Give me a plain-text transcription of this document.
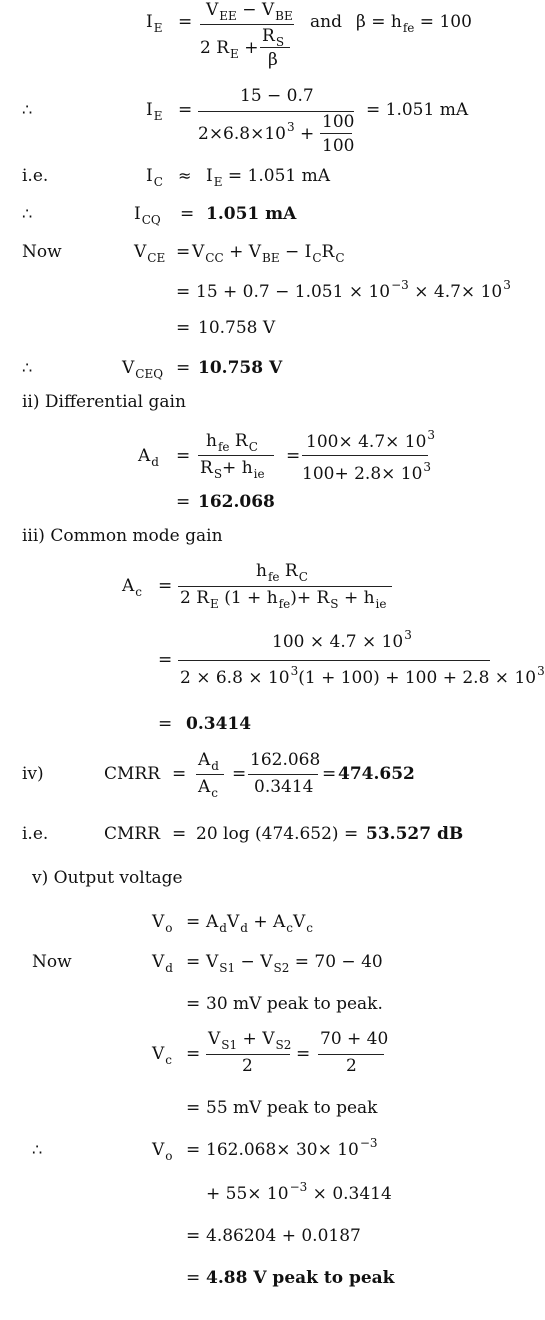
$I_E$ =
$V_{EE} - V_{BE}$
2 $R_E$ +
$R_S$
β
and $\beta = h_{fe} = 100$
∴	$I_E$ =
15 − 0.7
$2\times 6.8\times 10^3$ +
100
100
= 1.051 mA
i.e.	$I_C \approx I_E = 1.051$ mA
∴	$I_{CQ} = 1.051$ mA
Now	$V_{CE} = V_{CC} + V_{BE} - I_CR_C$
= $15 + 0.7 - 1.051 \times 10^{-3} \times 4.7\times 10^3$
= 10.758 V
∴	$V_{CEQ} = 10.758$ V
ii) Differential gain
$A_d$ =
$h_{fe}$ $R_C$
$R_S+ h_{ie}$
=
$100\times 4.7\times 10^3$
$100+ 2.8\times 10^3$
= 162.068
iii) Common mode gain
$A_c$ =
$h_{fe}$ $R_C$
2 $R_E$ $(1 + h_{fe})+ R_S + h_{ie}$
=
$100 \times 4.7 \times 10^3$
$2 \times 6.8 \times 10^3(1 + 100) + 100 + 2.8 \times 10^3$
= 0.3414
iv)	CMRR =
$A_d$
$A_c$
=
162.068
0.3414
= 474.652
i.e.	CMRR = 20 log (474.652) = 53.527 dB
v) Output voltage
$V_o = A_dV_d + A_cV_c$
Now	$V_d = V_{S1} - V_{S2} = 70 - 40$
= 30 mV peak to peak.
$V_c$ =
$V_{S1} + V_{S2}$
2
=
70 + 40
2
= 55 mV peak to peak
∴	$V_o = 162.068\times 30\times 10^{-3}$
+ $55\times 10^{-3} \times 0.3414$
= 4.86204 + 0.0187
= 4.88 V peak to peak
